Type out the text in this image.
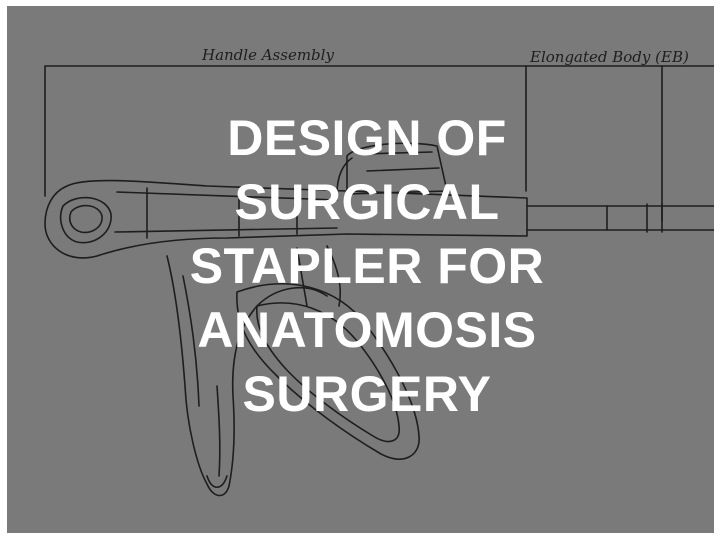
Handle Assembly	Elongated Body (EB)
DESIGN OF
SURGICAL
STAPLER FOR
ANATOMOSIS
SURGERY
